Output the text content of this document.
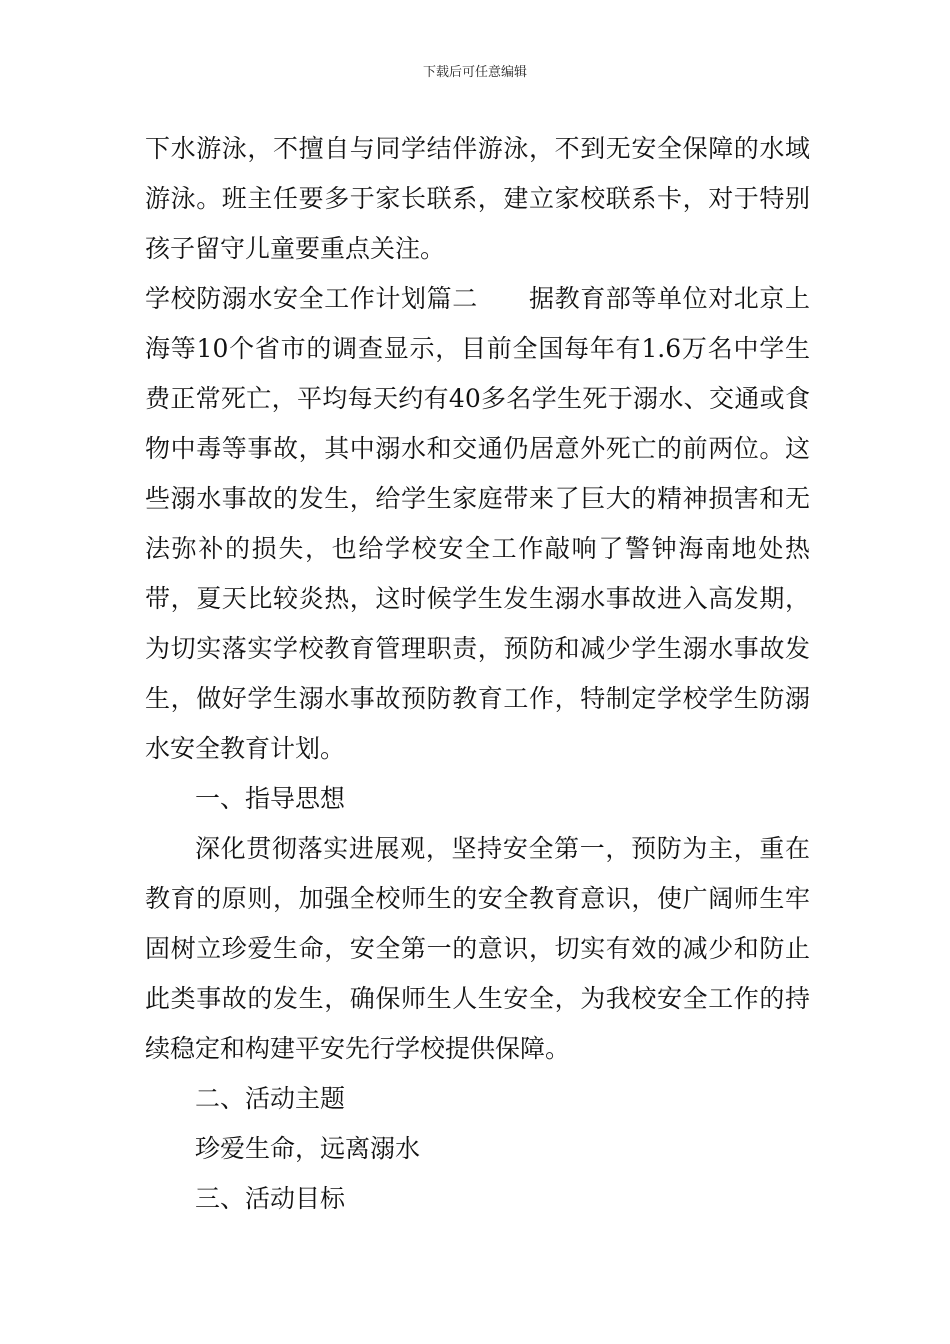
下载后可任意编辑

下水游泳，不擅自与同学结伴游泳，不到无安全保障的水域游泳。班主任要多于家长联系，建立家校联系卡，对于特别孩子留守儿童要重点关注。

学校防溺水安全工作计划篇二　　据教育部等单位对北京上海等10个省市的调查显示，目前全国每年有1.6万名中学生费正常死亡，平均每天约有40多名学生死于溺水、交通或食物中毒等事故，其中溺水和交通仍居意外死亡的前两位。这些溺水事故的发生，给学生家庭带来了巨大的精神损害和无法弥补的损失，也给学校安全工作敲响了警钟海南地处热带，夏天比较炎热，这时候学生发生溺水事故进入高发期，为切实落实学校教育管理职责，预防和减少学生溺水事故发生，做好学生溺水事故预防教育工作，特制定学校学生防溺水安全教育计划。

一、指导思想

深化贯彻落实进展观，坚持安全第一，预防为主，重在教育的原则，加强全校师生的安全教育意识，使广阔师生牢固树立珍爱生命，安全第一的意识，切实有效的减少和防止此类事故的发生，确保师生人生安全，为我校安全工作的持续稳定和构建平安先行学校提供保障。

二、活动主题

珍爱生命，远离溺水

三、活动目标
